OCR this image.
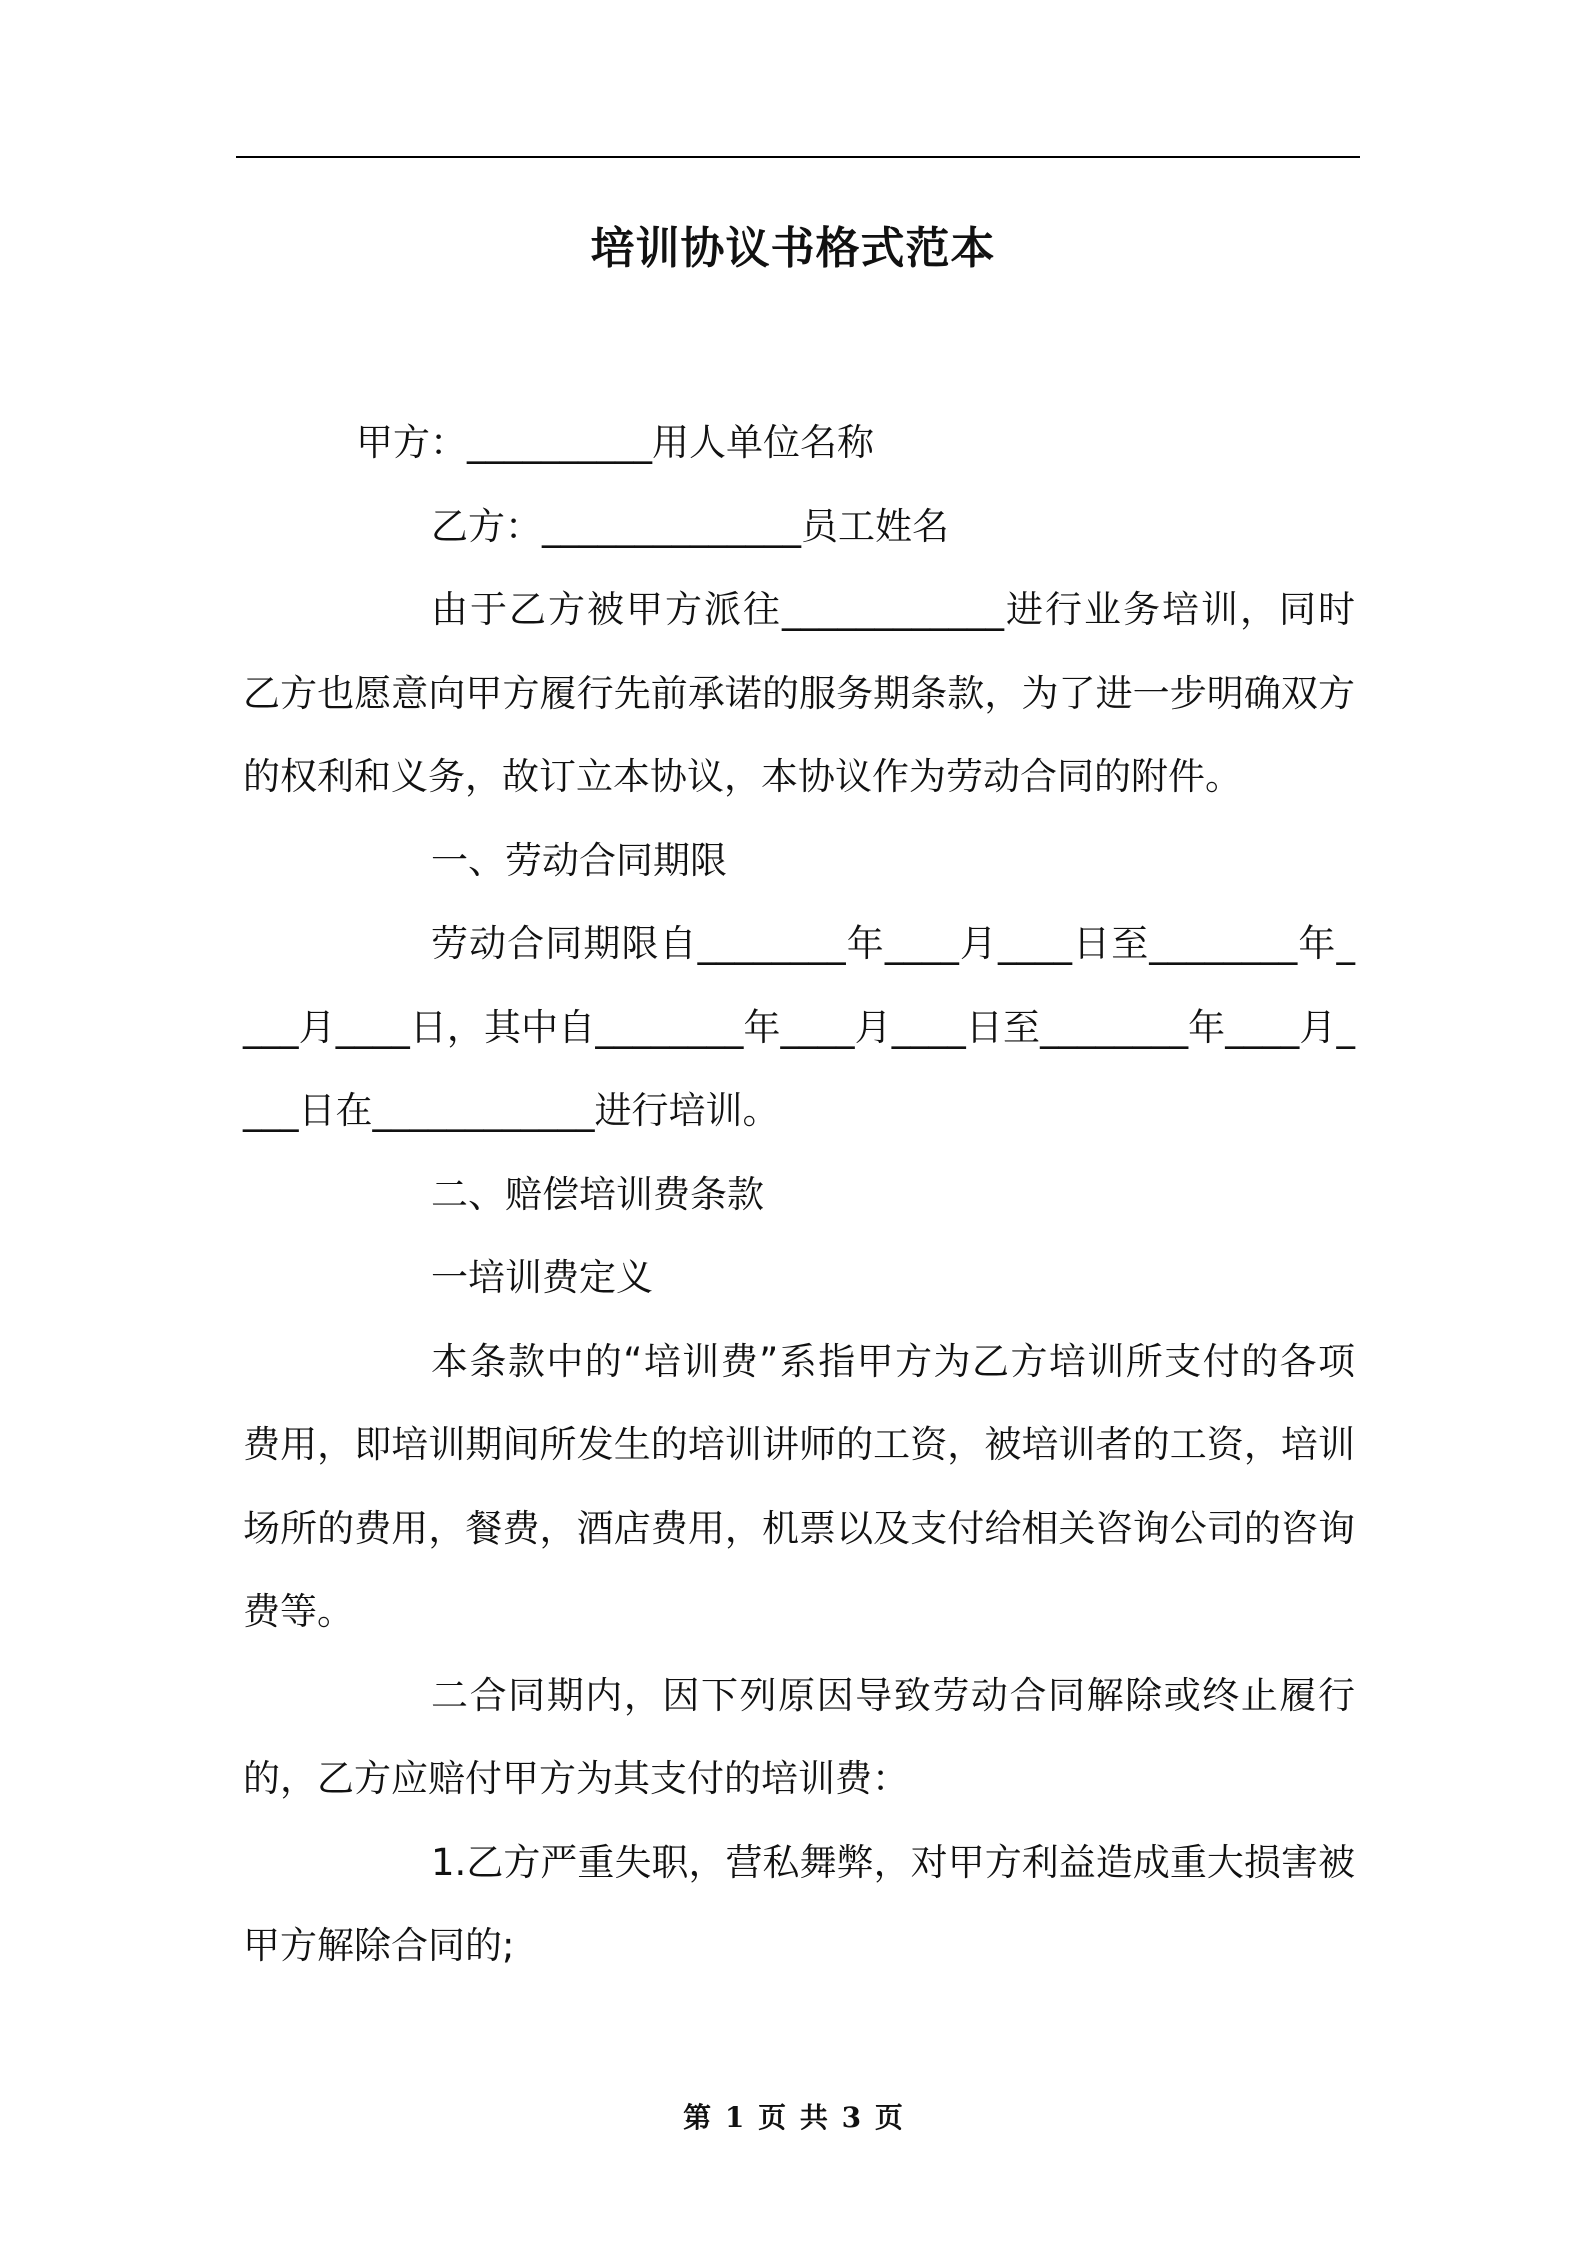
培训协议书格式范本

甲方：__________用人单位名称

乙方：______________员工姓名

由于乙方被甲方派往____________进行业务培训，同时乙方也愿意向甲方履行先前承诺的服务期条款，为了进一步明确双方的权利和义务，故订立本协议，本协议作为劳动合同的附件。

一、劳动合同期限

劳动合同期限自________年____月____日至________年____月____日，其中自________年____月____日至________年____月____日在____________进行培训。

二、赔偿培训费条款

一培训费定义

本条款中的“培训费”系指甲方为乙方培训所支付的各项费用，即培训期间所发生的培训讲师的工资，被培训者的工资，培训场所的费用，餐费，酒店费用，机票以及支付给相关咨询公司的咨询费等。

二合同期内，因下列原因导致劳动合同解除或终止履行的，乙方应赔付甲方为其支付的培训费：

1.乙方严重失职，营私舞弊，对甲方利益造成重大损害被甲方解除合同的;

第 1 页 共 3 页
